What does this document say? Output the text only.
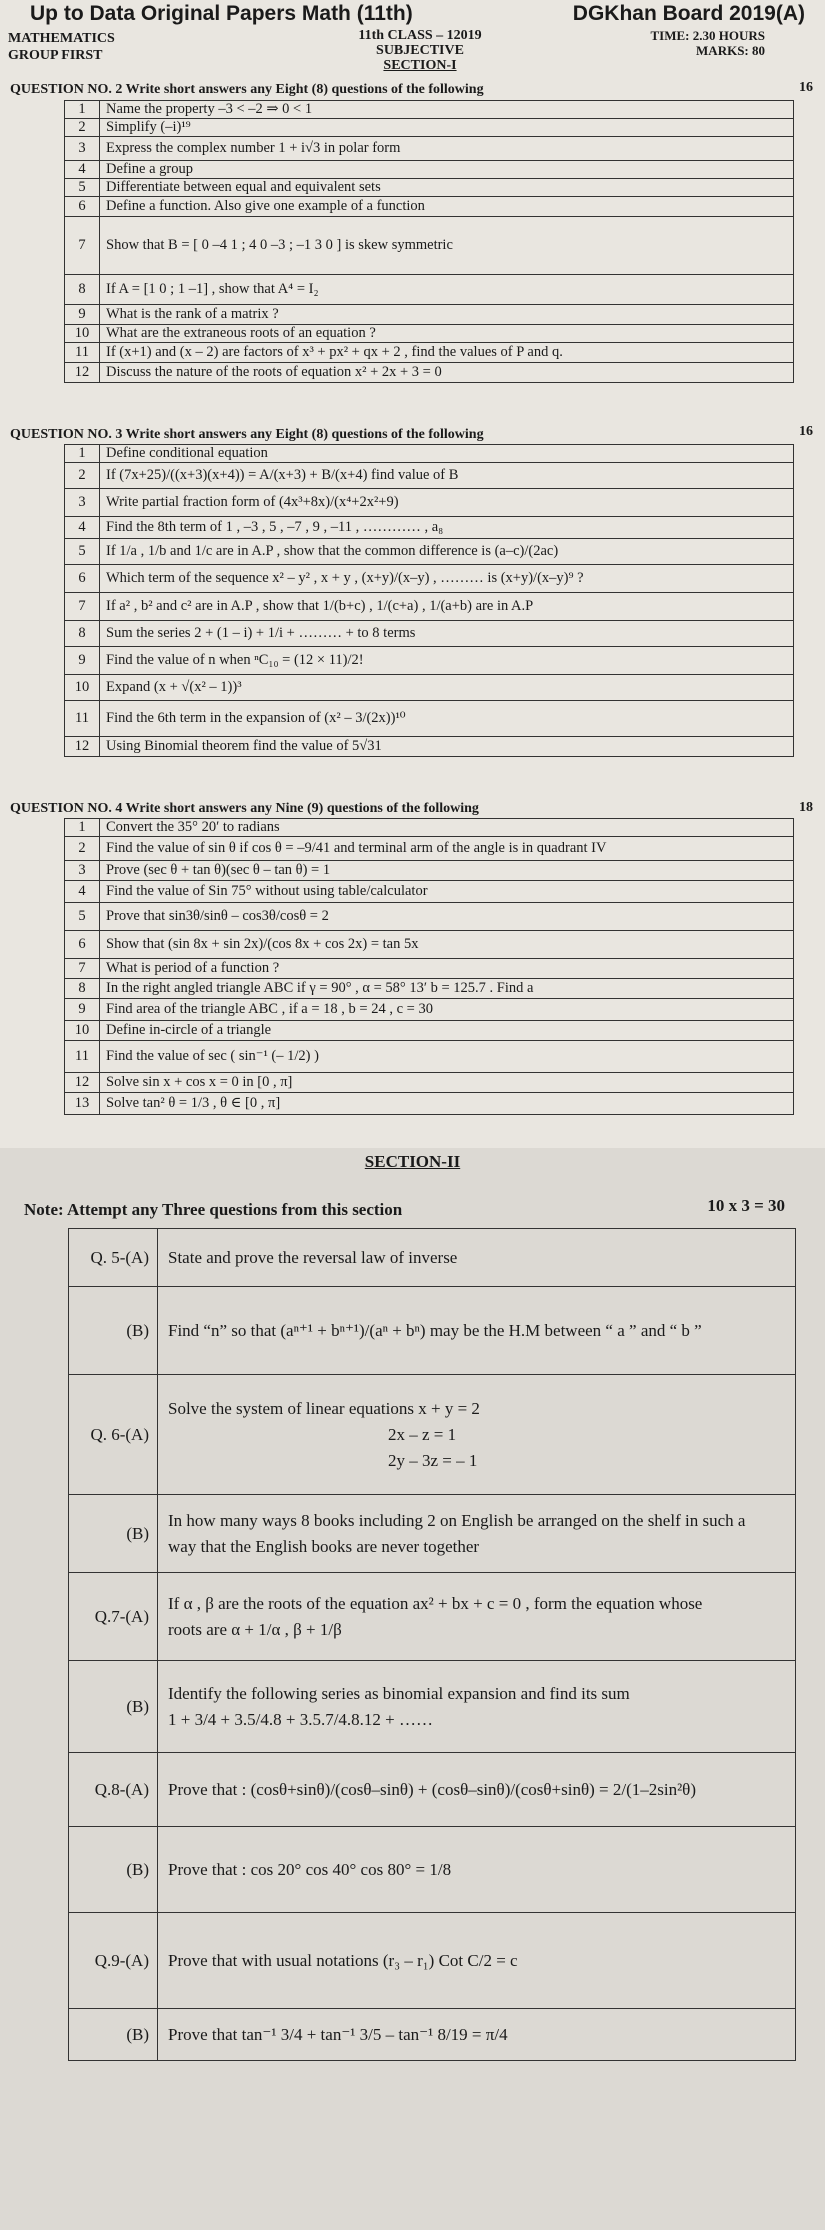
Up to Data Original Papers Math (11th)	DGKhan Board 2019(A)
MATHEMATICS
GROUP FIRST
11th CLASS – 12019
SUBJECTIVE
SECTION-I
TIME: 2.30 HOURS
MARKS: 80
QUESTION NO. 2 Write short answers any Eight (8) questions of the following	16
1	Name the property –3 < –2 ⇒ 0 < 1
2	Simplify (–i)¹⁹
3	Express the complex number 1 + i√3 in polar form
4	Define a group
5	Differentiate between equal and equivalent sets
6	Define a function. Also give one example of a function
7	Show that B = [ 0 –4 1 ; 4 0 –3 ; –1 3 0 ] is skew symmetric
8	If A = [1 0 ; 1 –1] , show that A⁴ = I₂
9	What is the rank of a matrix ?
10	What are the extraneous roots of an equation ?
11	If (x+1) and (x – 2) are factors of x³ + px² + qx + 2 , find the values of P and q.
12	Discuss the nature of the roots of equation x² + 2x + 3 = 0
QUESTION NO. 3 Write short answers any Eight (8) questions of the following	16
1	Define conditional equation
2	If (7x+25)/((x+3)(x+4)) = A/(x+3) + B/(x+4) find value of B
3	Write partial fraction form of (4x³+8x)/(x⁴+2x²+9)
4	Find the 8th term of 1 , –3 , 5 , –7 , 9 , –11 , ………… , a₈
5	If 1/a , 1/b and 1/c are in A.P , show that the common difference is (a–c)/(2ac)
6	Which term of the sequence x² – y² , x + y , (x+y)/(x–y) , ……… is (x+y)/(x–y)⁹ ?
7	If a² , b² and c² are in A.P , show that 1/(b+c) , 1/(c+a) , 1/(a+b) are in A.P
8	Sum the series 2 + (1 – i) + 1/i + ……… + to 8 terms
9	Find the value of n when ⁿC₁₀ = (12 × 11)/2!
10	Expand (x + √(x² – 1))³
11	Find the 6th term in the expansion of (x² – 3/(2x))¹⁰
12	Using Binomial theorem find the value of 5√31
QUESTION NO. 4 Write short answers any Nine (9) questions of the following	18
1	Convert the 35° 20′ to radians
2	Find the value of sin θ if cos θ = –9/41 and terminal arm of the angle is in quadrant IV
3	Prove (sec θ + tan θ)(sec θ – tan θ) = 1
4	Find the value of Sin 75° without using table/calculator
5	Prove that sin3θ/sinθ – cos3θ/cosθ = 2
6	Show that (sin 8x + sin 2x)/(cos 8x + cos 2x) = tan 5x
7	What is period of a function ?
8	In the right angled triangle ABC if γ = 90° , α = 58° 13′ b = 125.7 . Find a
9	Find area of the triangle ABC , if a = 18 , b = 24 , c = 30
10	Define in-circle of a triangle
11	Find the value of sec ( sin⁻¹ (– 1/2) )
12	Solve sin x + cos x = 0 in [0 , π]
13	Solve tan² θ = 1/3 , θ ∈ [0 , π]
SECTION-II
Note: Attempt any Three questions from this section	10 x 3 = 30
Q. 5-(A)	State and prove the reversal law of inverse

(B)	Find “n” so that (aⁿ⁺¹ + bⁿ⁺¹)/(aⁿ + bⁿ) may be the H.M between “ a ” and “ b ”

Q. 6-(A)	Solve the system of linear equations x + y = 2
2x – z = 1
2y – 3z = – 1

(B)	In how many ways 8 books including 2 on English be arranged on the shelf in such a
way that the English books are never together

Q.7-(A)	If α , β are the roots of the equation ax² + bx + c = 0 , form the equation whose
roots are α + 1/α , β + 1/β

(B)	Identify the following series as binomial expansion and find its sum
1 + 3/4 + 3.5/4.8 + 3.5.7/4.8.12 + ……

Q.8-(A)	Prove that : (cosθ+sinθ)/(cosθ–sinθ) + (cosθ–sinθ)/(cosθ+sinθ) = 2/(1–2sin²θ)

(B)	Prove that : cos 20° cos 40° cos 80° = 1/8

Q.9-(A)	Prove that with usual notations (r₃ – r₁) Cot C/2 = c

(B)	Prove that tan⁻¹ 3/4 + tan⁻¹ 3/5 – tan⁻¹ 8/19 = π/4
